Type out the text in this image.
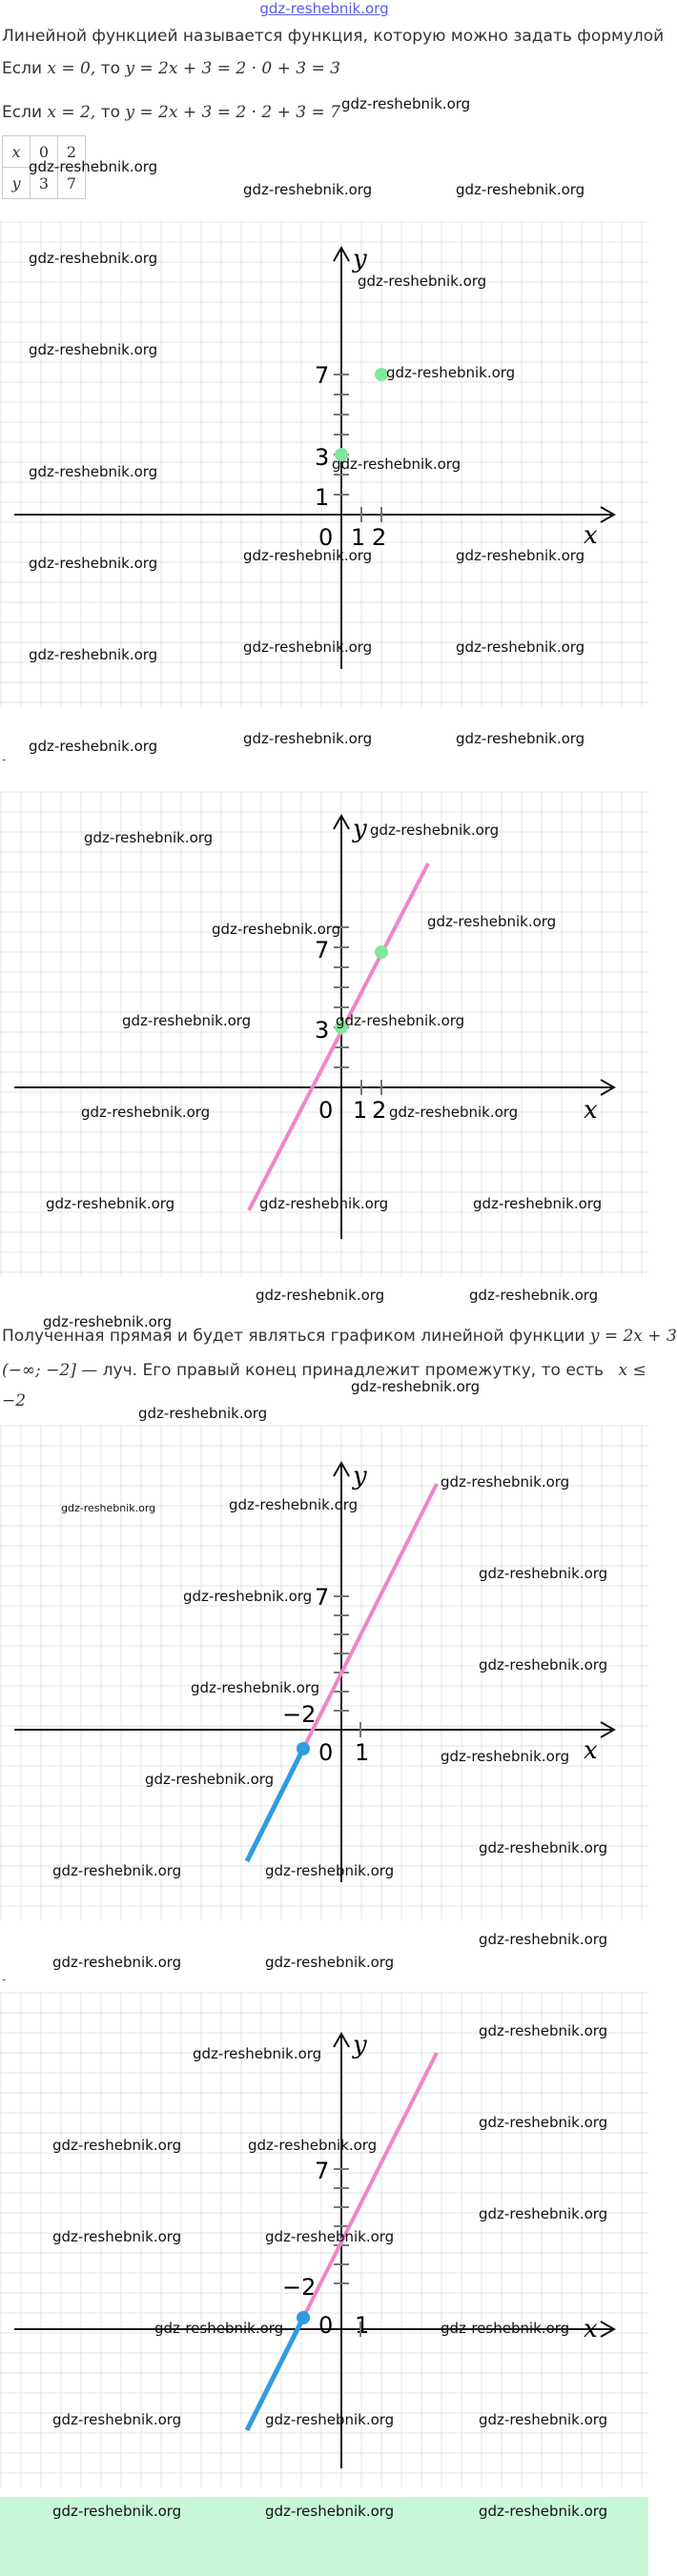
gdz-reshebnik.org
Линейной функцией называется функция, которую можно задать формулой
Если x = 0, то y = 2x + 3 = 2 · 0 + 3 = 3
Если x = 2, то y = 2x + 3 = 2 · 2 + 3 = 7
x	0	2
y	3	7
-
-
Полученная прямая и будет являться графиком линейной функции y = 2x + 3
(−∞; −2] — луч. Его правый конец принадлежит промежутку, то есть x ≤
−2
x
y
7
3
1
0 1 2
x
y
7
3
0 1 2
x
y
7
−2
0 1
x
y
7
−2
0 1
gdz-reshebnik.org
gdz-reshebnik.org
gdz-reshebnik.org	gdz-reshebnik.org
gdz-reshebnik.org
gdz-reshebnik.org
gdz-reshebnik.org
gdz-reshebnik.org
gdz-reshebnik.org	gdz-reshebnik.org
gdz-reshebnik.org	gdz-reshebnik.org	gdz-reshebnik.org
gdz-reshebnik.org	gdz-reshebnik.org	gdz-reshebnik.org
gdz-reshebnik.org	gdz-reshebnik.org	gdz-reshebnik.org
gdz-reshebnik.org	gdz-reshebnik.org
gdz-reshebnik.org	gdz-reshebnik.org
gdz-reshebnik.org	gdz-reshebnik.org
gdz-reshebnik.org	gdz-reshebnik.org
gdz-reshebnik.org	gdz-reshebnik.org	gdz-reshebnik.org
gdz-reshebnik.org	gdz-reshebnik.org
gdz-reshebnik.org
gdz-reshebnik.org
gdz-reshebnik.org
gdz-reshebnik.org	gdz-reshebnik.org
gdz-reshebnik.org
gdz-reshebnik.org
gdz-reshebnik.org
gdz-reshebnik.org
gdz-reshebnik.org
gdz-reshebnik.org
gdz-reshebnik.org
gdz-reshebnik.org	gdz-reshebnik.org
gdz-reshebnik.org
gdz-reshebnik.org	gdz-reshebnik.org
gdz-reshebnik.org
gdz-reshebnik.org
gdz-reshebnik.org
gdz-reshebnik.org	gdz-reshebnik.org
gdz-reshebnik.org
gdz-reshebnik.org	gdz-reshebnik.org
gdz-reshebnik.org
gdz-reshebnik.org	gdz-reshebnik.org
gdz-reshebnik.org	gdz-reshebnik.org	gdz-reshebnik.org
gdz-reshebnik.org	gdz-reshebnik.org	gdz-reshebnik.org
